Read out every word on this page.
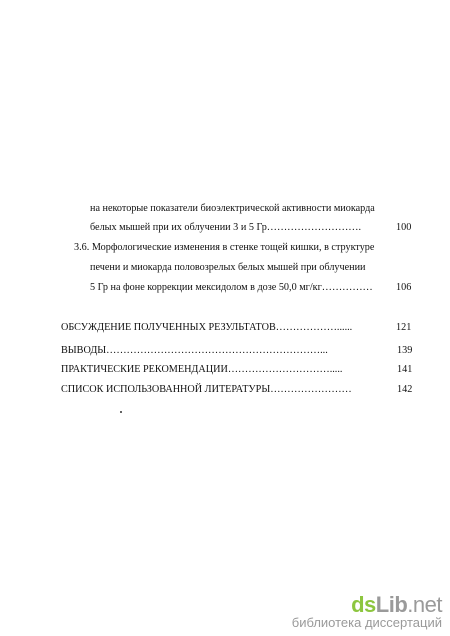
на некоторые показатели биоэлектрической активности миокарда
белых мышей при их облучении 3 и 5 Гр……………………….	100
3.6. Морфологические изменения в стенке тощей кишки, в структуре
печени и миокарда половозрелых белых мышей при облучении
5 Гр на фоне коррекции мексидолом в дозе 50,0 мг/кг…………… 106
ОБСУЖДЕНИЕ ПОЛУЧЕННЫХ РЕЗУЛЬТАТОВ………………......	121
ВЫВОДЫ………………………………………………………...	139
ПРАКТИЧЕСКИЕ РЕКОМЕНДАЦИИ………………………….....	141
СПИСОК ИСПОЛЬЗОВАННОЙ ЛИТЕРАТУРЫ……………………	142
dsLib.net
библиотека диссертаций
